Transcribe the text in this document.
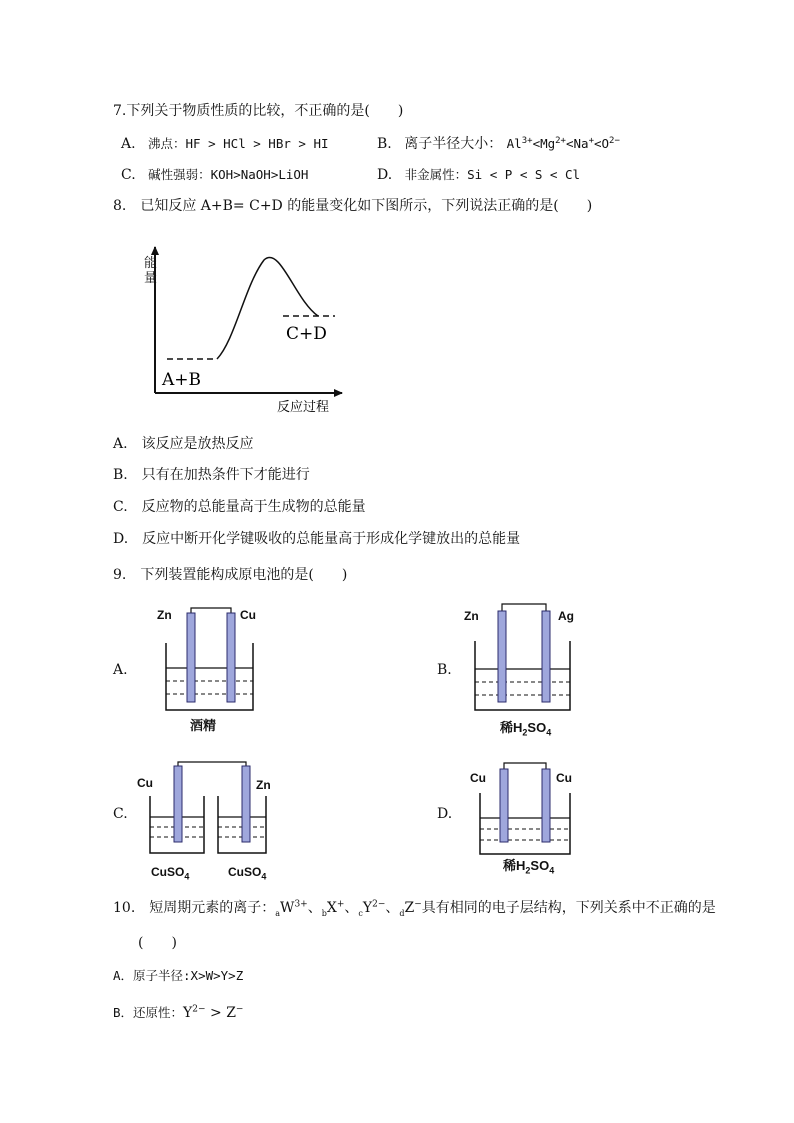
7.下列关于物质性质的比较，不正确的是(　　)
A. 沸点：HF > HCl > HBr > HI	B. 离子半径大小： $Al^{3+}<Mg^{2+}<Na^+<O^{2-}$
C. 碱性强弱：KOH>NaOH>LiOH	D. 非金属性：Si < P < S < Cl
8.　已知反应 A+B= C+D 的能量变化如下图所示，下列说法正确的是(　　)
A+B
C+D
反应过程
能量
A.　该反应是放热反应
B.　只有在加热条件下才能进行
C.　反应物的总能量高于生成物的总能量
D.　反应中断开化学键吸收的总能量高于形成化学键放出的总能量
9.　下列装置能构成原电池的是(　　)
A.
Zn	Cu
酒精
B.
Zn	Ag
稀$H_2SO_4$
C.
Cu	Zn
CuSO$_4$	CuSO$_4$
D.
Cu	Cu
稀$H_2SO_4$
10.　短周期元素的离子：$_aW^{3+}$、$_b$X+、$_cY^{2-}$、$_d$Z−具有相同的电子层结构，下列关系中不正确的是
(　　)
A．原子半径:X>W>Y>Z
B．还原性：$Y^{2-} > Z^-$
